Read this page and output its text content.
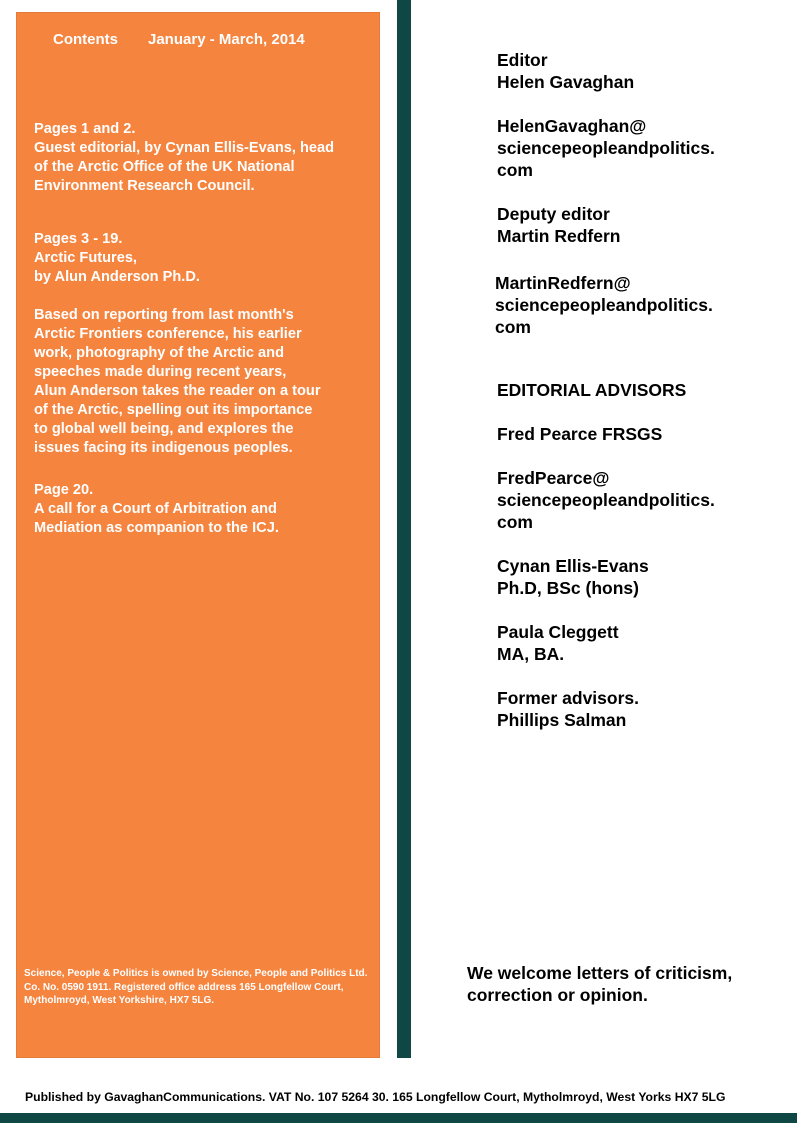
Contents January - March, 2014
Pages 1 and 2.
Guest editorial, by Cynan Ellis-Evans, head
of the Arctic Office of the UK National
Environment Research Council.
Pages 3 - 19.
Arctic Futures,
by Alun Anderson Ph.D.
Based on reporting from last month's
Arctic Frontiers conference, his earlier
work, photography of the Arctic and
speeches made during recent years,
Alun Anderson takes the reader on a tour
of the Arctic, spelling out its importance
to global well being, and explores the
issues facing its indigenous peoples.
Page 20.
A call for a Court of Arbitration and
Mediation as companion to the ICJ.
Science, People & Politics is owned by Science, People and Politics Ltd. Co. No. 0590 1911. Registered office address 165 Longfellow Court, Mytholmroyd, West Yorkshire, HX7 5LG.
Editor
Helen Gavaghan
HelenGavaghan@
sciencepeopleandpolitics.
com
Deputy editor
Martin Redfern
MartinRedfern@
sciencepeopleandpolitics.
com
EDITORIAL ADVISORS
Fred Pearce FRSGS
FredPearce@
sciencepeopleandpolitics.
com
Cynan Ellis-Evans
Ph.D, BSc (hons)
Paula Cleggett
MA, BA.
Former advisors.
Phillips Salman
We welcome letters of criticism,
correction or opinion.
Published by GavaghanCommunications. VAT No. 107 5264 30. 165 Longfellow Court, Mytholmroyd, West Yorks HX7 5LG
